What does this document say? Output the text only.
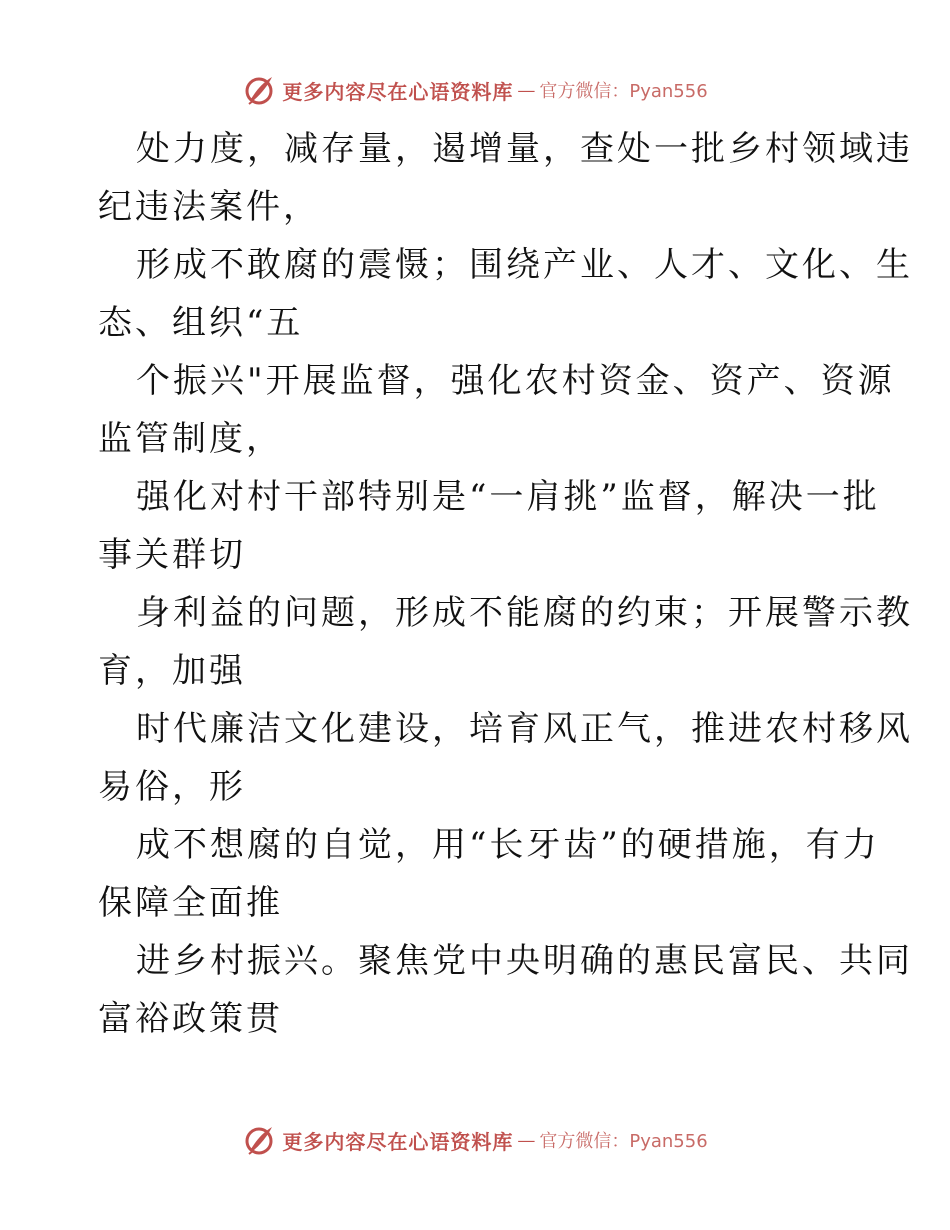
更多内容尽在心语资料库 — 官方微信：Pyan556
处力度，减存量，遏增量，查处一批乡村领域违
纪违法案件，
形成不敢腐的震慑；围绕产业、人才、文化、生
态、组织“五
个振兴"开展监督，强化农村资金、资产、资源
监管制度，
强化对村干部特别是“一肩挑”监督，解决一批
事关群切
身利益的问题，形成不能腐的约束；开展警示教
育，加强
时代廉洁文化建设，培育风正气，推进农村移风
易俗，形
成不想腐的自觉，用“长牙齿”的硬措施，有力
保障全面推
进乡村振兴。聚焦党中央明确的惠民富民、共同
富裕政策贯
更多内容尽在心语资料库 — 官方微信：Pyan556
